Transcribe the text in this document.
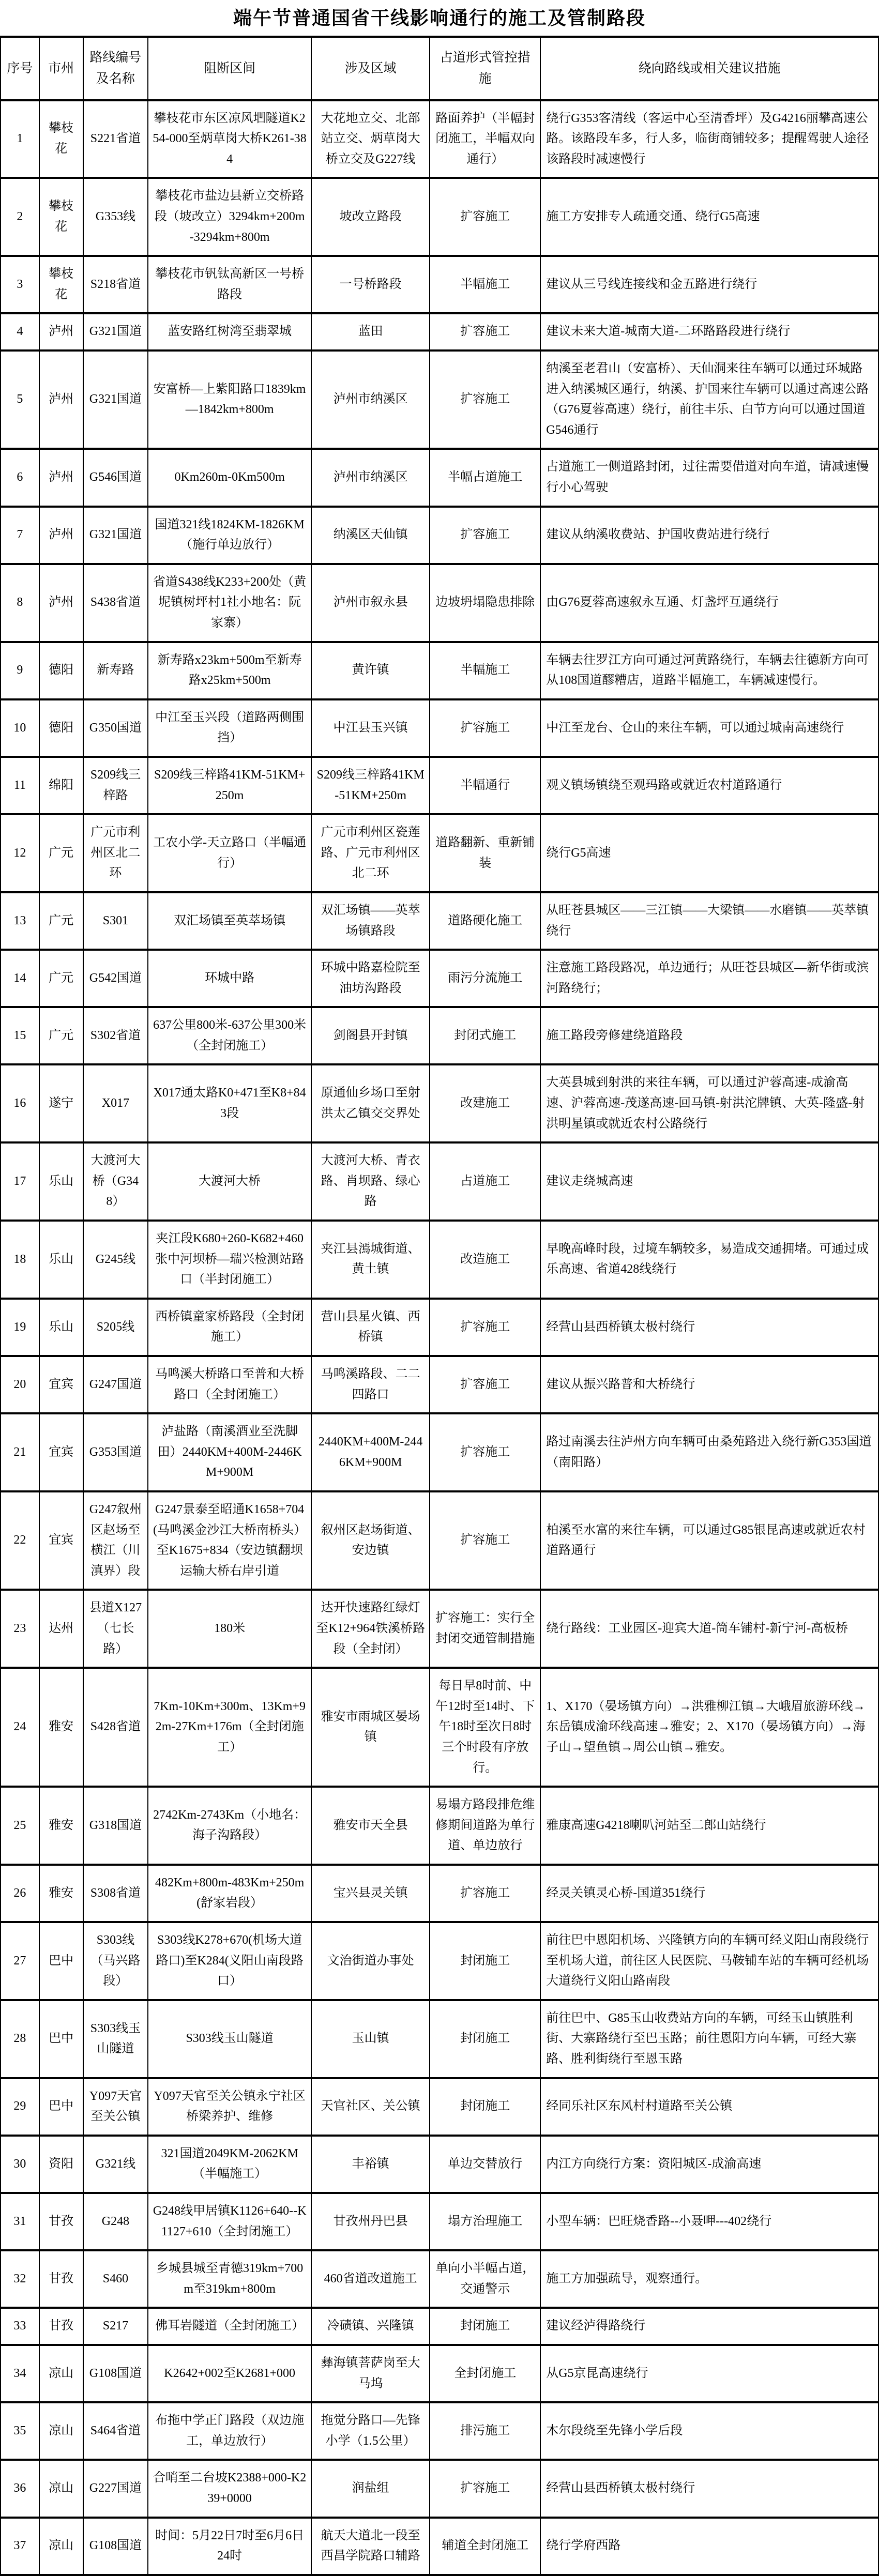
端午节普通国省干线影响通行的施工及管制路段
序号	市州	路线编号及名称	阻断区间	涉及区域	占道形式管控措施	绕向路线或相关建议措施
1	攀枝花	S221省道	攀枝花市东区凉风垇隧道K254-000至炳草岗大桥K261-384	大花地立交、北部站立交、炳草岗大桥立交及G227线	路面养护（半幅封闭施工，半幅双向通行）	绕行G353客清线（客运中心至清香坪）及G4216丽攀高速公路。该路段车多，行人多，临街商铺较多；提醒驾驶人途径该路段时减速慢行
2	攀枝花	G353线	攀枝花市盐边县新立交桥路段（坡改立）3294km+200m-3294km+800m	坡改立路段	扩容施工	施工方安排专人疏通交通、绕行G5高速
3	攀枝花	S218省道	攀枝花市钒钛高新区一号桥路段	一号桥路段	半幅施工	建议从三号线连接线和金五路进行绕行
4	泸州	G321国道	蓝安路红树湾至翡翠城	蓝田	扩容施工	建议未来大道-城南大道-二环路路段进行绕行
5	泸州	G321国道	安富桥—上紫阳路口1839km—1842km+800m	泸州市纳溪区	扩容施工	纳溪至老君山（安富桥）、天仙洞来往车辆可以通过环城路进入纳溪城区通行，纳溪、护国来往车辆可以通过高速公路（G76夏蓉高速）绕行，前往丰乐、白节方向可以通过国道G546通行
6	泸州	G546国道	0Km260m-0Km500m	泸州市纳溪区	半幅占道施工	占道施工一侧道路封闭，过往需要借道对向车道，请减速慢行小心驾驶
7	泸州	G321国道	国道321线1824KM-1826KM（施行单边放行）	纳溪区天仙镇	扩容施工	建议从纳溪收费站、护国收费站进行绕行
8	泸州	S438省道	省道S438线K233+200处（黄坭镇树坪村1社小地名：阮家寨）	泸州市叙永县	边坡坍塌隐患排除	由G76夏蓉高速叙永互通、灯盏坪互通绕行
9	德阳	新寿路	新寿路x23km+500m至新寿路x25km+500m	黄许镇	半幅施工	车辆去往罗江方向可通过河黄路绕行，车辆去往德新方向可从108国道醪糟店，道路半幅施工，车辆减速慢行。
10	德阳	G350国道	中江至玉兴段（道路两侧围挡）	中江县玉兴镇	扩容施工	中江至龙台、仓山的来往车辆，可以通过城南高速绕行
11	绵阳	S209线三梓路	S209线三梓路41KM-51KM+250m	S209线三梓路41KM-51KM+250m	半幅通行	观义镇场镇绕至观玛路或就近农村道路通行
12	广元	广元市利州区北二环	工农小学-天立路口（半幅通行）	广元市利州区瓷莲路、广元市利州区北二环	道路翻新、重新铺装	绕行G5高速
13	广元	S301	双汇场镇至英萃场镇	双汇场镇——英萃场镇路段	道路硬化施工	从旺苍县城区——三江镇——大梁镇——水磨镇——英萃镇绕行
14	广元	G542国道	环城中路	环城中路嘉检院至油坊沟路段	雨污分流施工	注意施工路段路况，单边通行；从旺苍县城区—新华街或滨河路绕行；
15	广元	S302省道	637公里800米-637公里300米（全封闭施工）	剑阁县开封镇	封闭式施工	施工路段旁修建绕道路段
16	遂宁	X017	X017通太路K0+471至K8+843段	原通仙乡场口至射洪太乙镇交交界处	改建施工	大英县城到射洪的来往车辆，可以通过沪蓉高速-成渝高速、沪蓉高速-茂遂高速-回马镇-射洪沱牌镇、大英-隆盛-射洪明星镇或就近农村公路绕行
17	乐山	大渡河大桥（G348）	大渡河大桥	大渡河大桥、青衣路、肖坝路、绿心路	占道施工	建议走绕城高速
18	乐山	G245线	夹江段K680+260-K682+460张中河坝桥—瑞兴检测站路口（半封闭施工）	夹江县漹城街道、黄土镇	改造施工	早晚高峰时段，过境车辆较多，易造成交通拥堵。可通过成乐高速、省道428线绕行
19	乐山	S205线	西桥镇童家桥路段（全封闭施工）	营山县星火镇、西桥镇	扩容施工	经营山县西桥镇太极村绕行
20	宜宾	G247国道	马鸣溪大桥路口至普和大桥路口（全封闭施工）	马鸣溪路段、二二四路口	扩容施工	建议从振兴路普和大桥绕行
21	宜宾	G353国道	泸盐路（南溪酒业至洗脚田）2440KM+400M-2446KM+900M	2440KM+400M-2446KM+900M	扩容施工	路过南溪去往泸州方向车辆可由桑苑路进入绕行新G353国道（南阳路）
22	宜宾	G247叙州区赵场至横江（川滇界）段	G247景泰至昭通K1658+704(马鸣溪金沙江大桥南桥头）至K1675+834（安边镇翻坝运输大桥右岸引道	叙州区赵场街道、安边镇	扩容施工	柏溪至水富的来往车辆，可以通过G85银昆高速或就近农村道路通行
23	达州	县道X127（七长路）	180米	达开快速路红绿灯至K12+964铁溪桥路段（全封闭）	扩容施工：实行全封闭交通管制措施	绕行路线：工业园区-迎宾大道-筒车铺村-新宁河-高板桥
24	雅安	S428省道	7Km-10Km+300m、13Km+92m-27Km+176m（全封闭施工）	雅安市雨城区晏场镇	每日早8时前、中午12时至14时、下午18时至次日8时三个时段有序放行。	1、X170（晏场镇方向）→洪雅柳江镇→大峨眉旅游环线→东岳镇成渝环线高速→雅安；2、X170（晏场镇方向）→海子山→望鱼镇→周公山镇→雅安。
25	雅安	G318国道	2742Km-2743Km（小地名：海子沟路段）	雅安市天全县	易塌方路段排危维修期间道路为单行道、单边放行	雅康高速G4218喇叭河站至二郎山站绕行
26	雅安	S308省道	482Km+800m-483Km+250m(舒家岩段）	宝兴县灵关镇	扩容施工	经灵关镇灵心桥-国道351绕行
27	巴中	S303线（马兴路段）	S303线K278+670(机场大道路口)至K284(义阳山南段路口）	文治街道办事处	封闭施工	前往巴中恩阳机场、兴隆镇方向的车辆可经义阳山南段绕行至机场大道，前往区人民医院、马鞍铺车站的车辆可经机场大道绕行义阳山路南段
28	巴中	S303线玉山隧道	S303线玉山隧道	玉山镇	封闭施工	前往巴中、G85玉山收费站方向的车辆，可经玉山镇胜利街、大寨路绕行至巴玉路；前往恩阳方向车辆，可经大寨路、胜利街绕行至恩玉路
29	巴中	Y097天官至关公镇	Y097天官至关公镇永宁社区桥梁养护、维修	天官社区、关公镇	封闭施工	经同乐社区东风村村道路至关公镇
30	资阳	G321线	321国道2049KM-2062KM（半幅施工）	丰裕镇	单边交替放行	内江方向绕行方案：资阳城区-成渝高速
31	甘孜	G248	G248线甲居镇K1126+640--K1127+610（全封闭施工）	甘孜州丹巴县	塌方治理施工	小型车辆：巴旺烧香路--小聂呷---402绕行
32	甘孜	S460	乡城县城至青德319km+700m至319km+800m	460省道改道施工	单向小半幅占道，交通警示	施工方加强疏导，观察通行。
33	甘孜	S217	佛耳岩隧道（全封闭施工）	冷碛镇、兴隆镇	封闭施工	建议经泸得路绕行
34	凉山	G108国道	K2642+002至K2681+000	彝海镇菩萨岗至大马坞	全封闭施工	从G5京昆高速绕行
35	凉山	S464省道	布拖中学正门路段（双边施工，单边放行）	拖觉分路口—先锋小学（1.5公里）	排污施工	木尔段绕至先锋小学后段
36	凉山	G227国道	合哨至二台坡K2388+000-K239+0000	润盐组	扩容施工	经营山县西桥镇太极村绕行
37	凉山	G108国道	时间：5月22日7时至6月6日24时	航天大道北一段至西昌学院路口辅路	辅道全封闭施工	绕行学府西路
